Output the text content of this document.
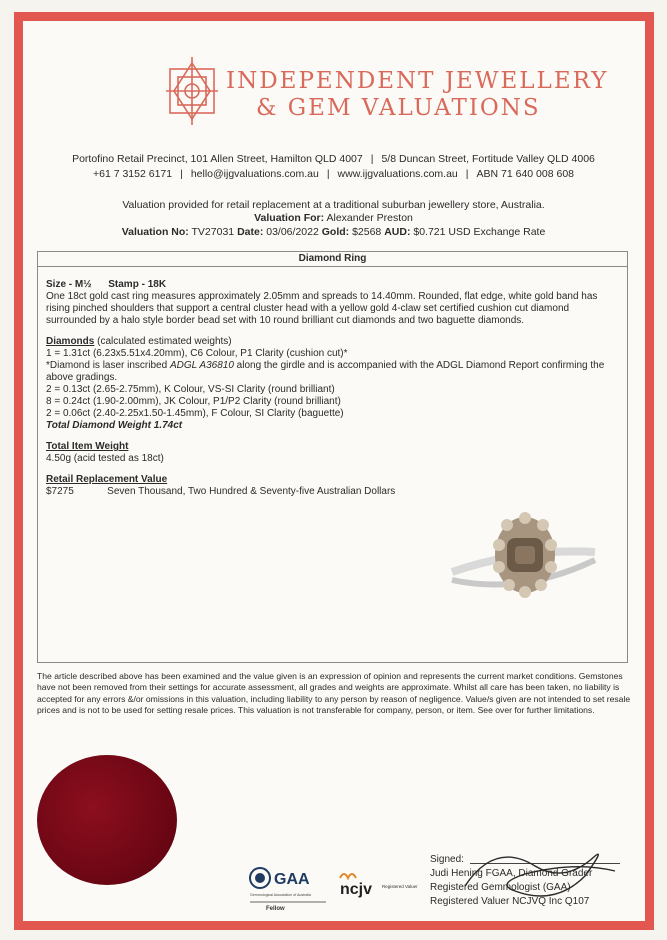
INDEPENDENT JEWELLERY
& GEM VALUATIONS
Portofino Retail Precinct, 101 Allen Street, Hamilton QLD 4007 | 5/8 Duncan Street, Fortitude Valley QLD 4006
+61 7 3152 6171 | hello@ijgvaluations.com.au | www.ijgvaluations.com.au | ABN 71 640 008 608
Valuation provided for retail replacement at a traditional suburban jewellery store, Australia.
Valuation For: Alexander Preston
Valuation No: TV27031 Date: 03/06/2022 Gold: $2568 AUD: $0.721 USD Exchange Rate
Diamond Ring

Size - M½ Stamp - 18K

One 18ct gold cast ring measures approximately 2.05mm and spreads to 14.40mm. Rounded, flat edge, white gold band has rising pinched shoulders that support a central cluster head with a yellow gold 4-claw set certified cushion cut diamond surrounded by a halo style border bead set with 10 round brilliant cut diamonds and two baguette diamonds.

Diamonds (calculated estimated weights)

1 = 1.31ct (6.23x5.51x4.20mm), C6 Colour, P1 Clarity (cushion cut)*

*Diamond is laser inscribed ADGL A36810 along the girdle and is accompanied with the ADGL Diamond Report confirming the above gradings.

2 = 0.13ct (2.65-2.75mm), K Colour, VS-SI Clarity (round brilliant)

8 = 0.24ct (1.90-2.00mm), JK Colour, P1/P2 Clarity (round brilliant)

2 = 0.06ct (2.40-2.25x1.50-1.45mm), F Colour, SI Clarity (baguette)

Total Diamond Weight 1.74ct

Total Item Weight

4.50g (acid tested as 18ct)

Retail Replacement Value

$7275	Seven Thousand, Two Hundred & Seventy-five Australian Dollars

The article described above has been examined and the value given is an expression of opinion and represents the current market conditions. Gemstones have not been removed from their settings for accurate assessment, all grades and weights are approximate. Whilst all care has been taken, no liability is accepted for any errors &/or omissions in this valuation, including liability to any person by reason of negligence. Value/s given are not intended to set resale prices and is not to be used for setting resale prices. This valuation is not transferable for company, person, or item. See over for further limitations.
GAA
Gemmological Association of Australia
Fellow
ncjv Registered Valuer
Signed:
Judi Hening FGAA, Diamond Grader
Registered Gemmologist (GAA)
Registered Valuer NCJVQ Inc Q107
